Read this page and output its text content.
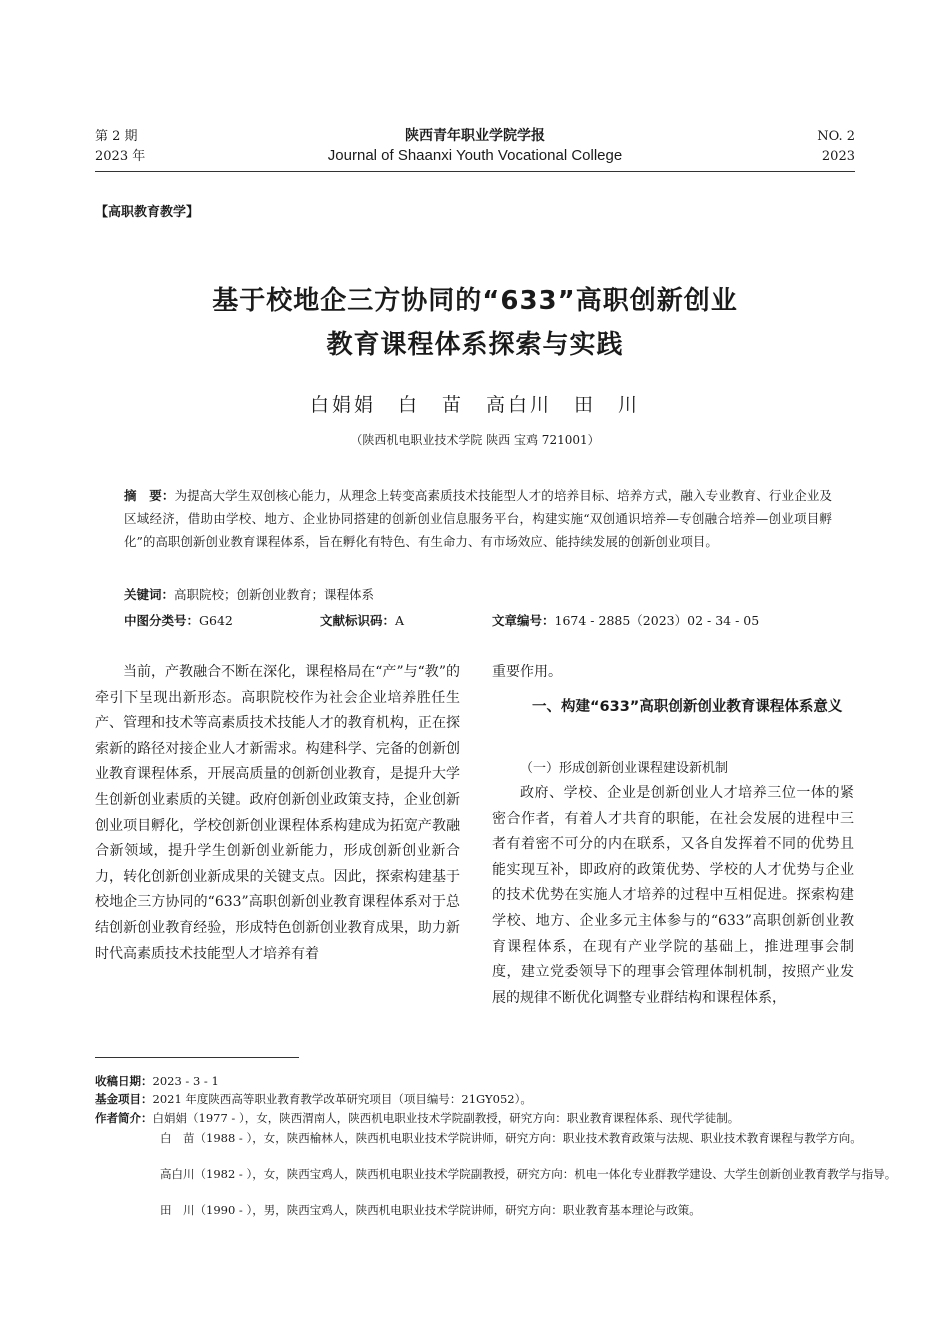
第 2 期
2023 年
陕西青年职业学院学报
Journal of Shaanxi Youth Vocational College
NO. 2
2023
【高职教育教学】
基于校地企三方协同的“633”高职创新创业
教育课程体系探索与实践
白娟娟　白　苗　高白川　田　川
（陕西机电职业技术学院 陕西 宝鸡 721001）
摘　要：为提高大学生双创核心能力，从理念上转变高素质技术技能型人才的培养目标、培养方式，融入专业教育、行业企业及区域经济，借助由学校、地方、企业协同搭建的创新创业信息服务平台，构建实施“双创通识培养—专创融合培养—创业项目孵化”的高职创新创业教育课程体系，旨在孵化有特色、有生命力、有市场效应、能持续发展的创新创业项目。
关键词：高职院校；创新创业教育；课程体系
中图分类号：G642	文献标识码：A	文章编号：1674 - 2885（2023）02 - 34 - 05
当前，产教融合不断在深化，课程格局在“产”与“教”的牵引下呈现出新形态。高职院校作为社会企业培养胜任生产、管理和技术等高素质技术技能人才的教育机构，正在探索新的路径对接企业人才新需求。构建科学、完备的创新创业教育课程体系，开展高质量的创新创业教育，是提升大学生创新创业素质的关键。政府创新创业政策支持，企业创新创业项目孵化，学校创新创业课程体系构建成为拓宽产教融合新领域，提升学生创新创业新能力，形成创新创业新合力，转化创新创业新成果的关键支点。因此，探索构建基于校地企三方协同的“633”高职创新创业教育课程体系对于总结创新创业教育经验，形成特色创新创业教育成果，助力新时代高素质技术技能型人才培养有着
重要作用。
一、构建“633”高职创新创业教育课程体系意义
（一）形成创新创业课程建设新机制
政府、学校、企业是创新创业人才培养三位一体的紧密合作者，有着人才共育的职能，在社会发展的进程中三者有着密不可分的内在联系，又各自发挥着不同的优势且能实现互补，即政府的政策优势、学校的人才优势与企业的技术优势在实施人才培养的过程中互相促进。探索构建学校、地方、企业多元主体参与的“633”高职创新创业教育课程体系，在现有产业学院的基础上，推进理事会制度，建立党委领导下的理事会管理体制机制，按照产业发展的规律不断优化调整专业群结构和课程体系，
收稿日期：2023 - 3 - 1
基金项目：2021 年度陕西高等职业教育教学改革研究项目（项目编号：21GY052）。
作者简介：白娟娟（1977 - ），女，陕西渭南人，陕西机电职业技术学院副教授，研究方向：职业教育课程体系、现代学徒制。
白　苗（1988 - ），女，陕西榆林人，陕西机电职业技术学院讲师，研究方向：职业技术教育政策与法规、职业技术教育课程与教学方向。
高白川（1982 - ），女，陕西宝鸡人，陕西机电职业技术学院副教授，研究方向：机电一体化专业群教学建设、大学生创新创业教育教学与指导。
田　川（1990 - ），男，陕西宝鸡人，陕西机电职业技术学院讲师，研究方向：职业教育基本理论与政策。
